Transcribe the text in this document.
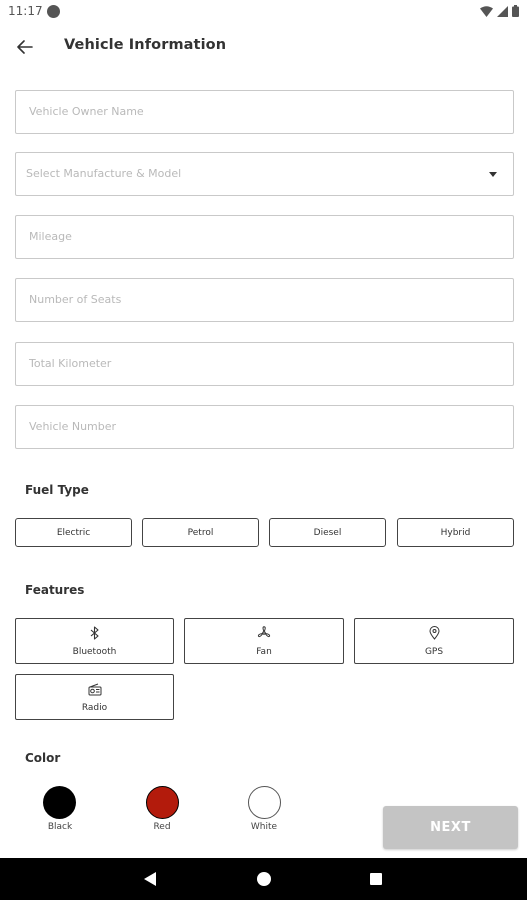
11:17
Vehicle Information
Vehicle Owner Name
Select Manufacture & Model
Mileage
Number of Seats
Total Kilometer
Vehicle Number
Fuel Type
Electric	Petrol	Diesel	Hybrid
Features
Bluetooth	Fan	GPS
Radio
Color
Black	Red	White	NEXT
